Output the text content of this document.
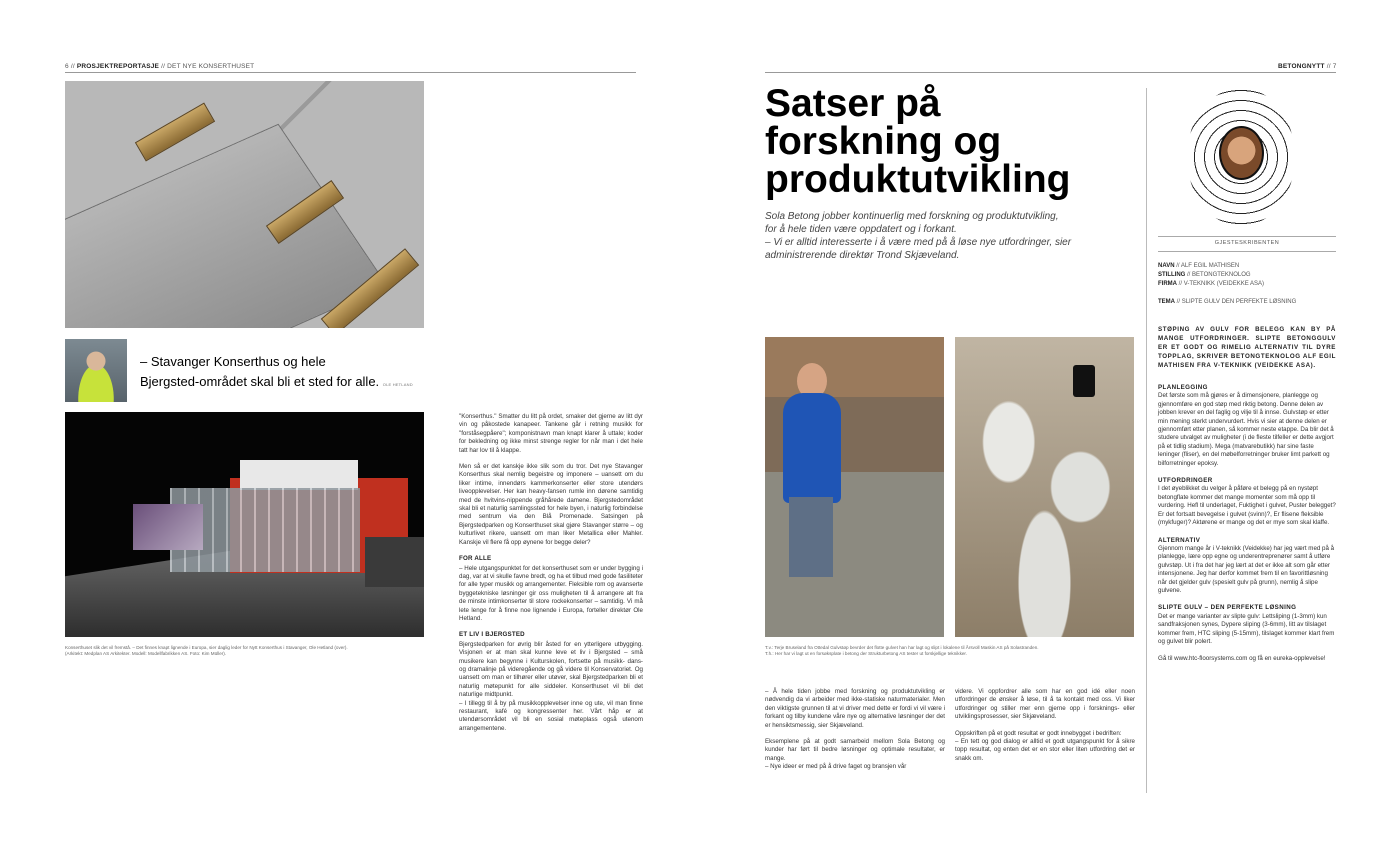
6 // PROSJEKTREPORTASJE // DET NYE KONSERTHUSET
– Stavanger Konserthus og hele
Bjergsted-området skal bli et sted for alle. OLE HETLAND
Konserthuset slik det vil fremstå. – Det finnes knapt lignende i Europa, sier daglig leder for Nytt Konserthus i Stavanger, Ole Hetland (over).
(Arkitekt: Medplan AS Arkitekter. Modell: Modellfabrikken AS. Foto: Kim Müller).

"Konserthus." Smatter du litt på ordet, smaker det gjerne av litt dyr vin og påkostede kanapeer. Tankene går i retning musikk for "forståsegpåere"; komponistnavn man knapt klarer å uttale; koder for bekledning og ikke minst strenge regler for når man i det hele tatt har lov til å klappe.

Men så er det kanskje ikke slik som du tror. Det nye Stavanger Konserthus skal nemlig begeistre og imponere – uansett om du liker intime, innendørs kammerkonserter eller store utendørs liveopplevelser. Her kan heavy-fansen rumle inn dørene samtidig med de hvitvins-nippende gråhårede damene. Bjergstedområdet skal bli et naturlig samlingssted for hele byen, i naturlig forbindelse med sentrum via den Blå Promenade. Satsingen på Bjergstedparken og Konserthuset skal gjøre Stavanger større – og kulturlivet rikere, uansett om man liker Metallica eller Mahler. Kanskje vil flere få opp øynene for begge deler?

FOR ALLE

– Hele utgangspunktet for det konserthuset som er under bygging i dag, var at vi skulle favne bredt, og ha et tilbud med gode fasiliteter for alle typer musikk og arrangementer. Fleksible rom og avanserte byggetekniske løsninger gir oss muligheten til å arrangere alt fra de minste intimkonserter til store rockekonserter – samtidig. Vi må lete lenge for å finne noe lignende i Europa, forteller direktør Ole Hetland.

ET LIV I BJERGSTED

Bjergstedparken for øvrig blir åsted for en ytterligere utbygging. Visjonen er at man skal kunne leve et liv i Bjergsted – små musikere kan begynne i Kulturskolen, fortsette på musikk- dans- og dramalinje på videregående og gå videre til Konservatoriet. Og uansett om man er tilhører eller utøver, skal Bjergstedparken bli et naturlig møtepunkt for alle siddeler. Konserthuset vil bli det naturlige midtpunkt.

– I tillegg til å by på musikkopplevelser inne og ute, vil man finne restaurant, kafé og kongressenter her. Vårt håp er at utendørsområdet vil bli en sosial møteplass også utenom arrangementene.

BETONGNYTT // 7
Satser på
forskning og
produktutvikling
Sola Betong jobber kontinuerlig med forskning og produktutvikling,
for å hele tiden være oppdatert og i forkant.
– Vi er alltid interesserte i å være med på å løse nye utfordringer, sier
administrerende direktør Trond Skjæveland.
T.v.: Terje Bruseland fra Ottedal Gulvstøp bevrder det flotte gulvet han har lagt og slipt i lokalene til Årsvoll Maskin AS på Solastranden.
T.h.: Her har vi lagt ut en forsøksplate i betong der Strukturbetong AS tester ut forskjellige teknikker.

– Å hele tiden jobbe med forskning og produktutvikling er nødvendig da vi arbeider med ikke-statiske naturmaterialer. Men den viktigste grunnen til at vi driver med dette er fordi vi vil være i forkant og tilby kundene våre nye og alternative løsninger der det er hensiktsmessig, sier Skjæveland.

Eksemplene på at godt samarbeid mellom Sola Betong og kunder har ført til bedre løsninger og optimale resultater, er mange.

– Nye ideer er med på å drive faget og bransjen vår

videre. Vi oppfordrer alle som har en god idé eller noen utfordringer de ønsker å løse, til å ta kontakt med oss. Vi liker utfordringer og stiller mer enn gjerne opp i forsknings- eller utviklingsprosesser, sier Skjæveland.

Oppskriften på et godt resultat er godt innebygget i bedriften:

– En tett og god dialog er alltid et godt utgangspunkt for å sikre topp resultat, og enten det er en stor eller liten utfordring det er snakk om.

GJESTESKRIBENTEN
NAVN // ALF EGIL MATHISEN
STILLING // BETONGTEKNOLOG
FIRMA // V-TEKNIKK (VEIDEKKE ASA)
TEMA // SLIPTE GULV DEN PERFEKTE LØSNING
STØPING AV GULV FOR BELEGG KAN BY PÅ MANGE UTFORDRINGER. SLIPTE BETONGGULV ER ET GODT OG RIMELIG ALTERNATIV TIL DYRE TOPPLAG, SKRIVER BETONGTEKNOLOG ALF EGIL MATHISEN FRA V-TEKNIKK (VEIDEKKE ASA).
PLANLEGGING
Det første som må gjøres er å dimensjonere, planlegge og gjennomføre en god støp med riktig betong. Denne delen av jobben krever en del faglig og vilje til å innse. Gulvstøp er etter min mening sterkt undervurdert. Hvis vi sier at denne delen er gjennomført etter planen, så kommer neste etappe. Da blir det å studere utvalget av muligheter (i de fleste tilfeller er dette avgjort på et tidlig stadium). Mega (matvarebutikk) har sine faste leninger (fliser), en del møbelforretninger bruker limt parkett og bilforretninger epoksy.
UTFORDRINGER
I det øyeblikket du velger å påføre et belegg på en nystøpt betongflate kommer det mange momenter som må opp til vurdering. Hefl til underlaget, Fuktighet i gulvet, Puster belegget? Er det fortsatt bevegelse i gulvet (svinn)?, Er flisene fleksible (mykfuger)? Aktørene er mange og det er mye som skal klaffe.
ALTERNATIV
Gjennom mange år i V-teknikk (Veidekke) har jeg vært med på å planlegge, lære opp egne og underentreprenører samt å utføre gulvstøp. Ut i fra det har jeg lært at det er ikke alt som går etter intensjonene. Jeg har derfor kommet frem til en favorittløsning når det gjelder gulv (spesielt gulv på grunn), nemlig å slipe gulvene.
SLIPTE GULV – DEN PERFEKTE LØSNING
Det er mange varianter av slipte gulv: Lettsliping (1-3mm) kun sandfraksjonen synes, Dypere sliping (3-6mm), litt av tilslaget kommer frem, HTC sliping (5-15mm), tilslaget kommer klart frem og gulvet blir polert.
Gå til www.htc-floorsystems.com og få en eureka-opplevelse!
